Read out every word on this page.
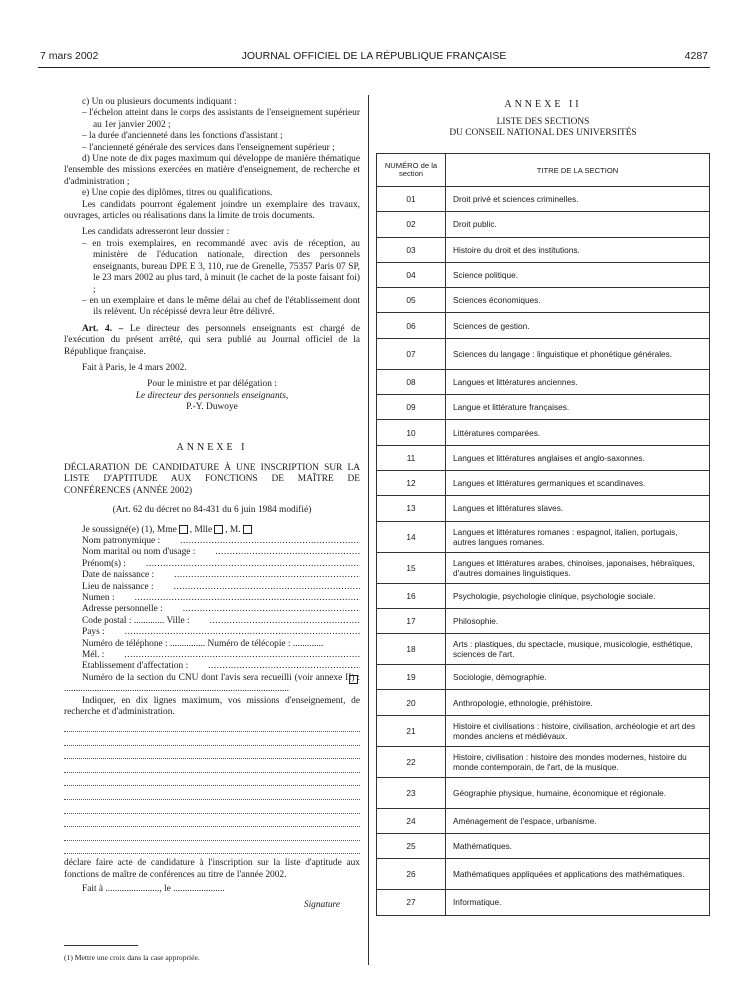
7 mars 2002	JOURNAL OFFICIEL DE LA RÉPUBLIQUE FRANÇAISE	4287

c) Un ou plusieurs documents indiquant :

– l'échelon atteint dans le corps des assistants de l'enseignement supérieur au 1er janvier 2002 ;

– la durée d'ancienneté dans les fonctions d'assistant ;

– l'ancienneté générale des services dans l'enseignement supérieur ;

d) Une note de dix pages maximum qui développe de manière thématique l'ensemble des missions exercées en matière d'enseignement, de recherche et d'administration ;

e) Une copie des diplômes, titres ou qualifications.

Les candidats pourront également joindre un exemplaire des travaux, ouvrages, articles ou réalisations dans la limite de trois documents.

Les candidats adresseront leur dossier :

– en trois exemplaires, en recommandé avec avis de réception, au ministère de l'éducation nationale, direction des personnels enseignants, bureau DPE E 3, 110, rue de Grenelle, 75357 Paris 07 SP, le 23 mars 2002 au plus tard, à minuit (le cachet de la poste faisant foi) ;

– en un exemplaire et dans le même délai au chef de l'établissement dont ils relèvent. Un récépissé devra leur être délivré.

Art. 4. – Le directeur des personnels enseignants est chargé de l'exécution du présent arrêté, qui sera publié au Journal officiel de la République française.

Fait à Paris, le 4 mars 2002.

Pour le ministre et par délégation :

Le directeur des personnels enseignants,

P.-Y. Duwoye

ANNEXE I

DÉCLARATION DE CANDIDATURE À UNE INSCRIPTION SUR LA LISTE D'APTITUDE AUX FONCTIONS DE MAÎTRE DE CONFÉRENCES (ANNÉE 2002)

(Art. 62 du décret no 84-431 du 6 juin 1984 modifié)

Je soussigné(e) (1), Mme , Mlle , M.

Nom patronymique :
.....
Nom marital ou nom d'usage :
.....
Prénom(s) :
.....
Date de naissance :
.....
Lieu de naissance :
.....
Numen :
.....
Adresse personnelle :
.....
Code postal : ............. Ville :
.....
Pays :
.....
Numéro de téléphone : ............... Numéro de télécopie : .............
Mél. :
.....
Etablissement d'affectation :
.....

Numéro de la section du CNU dont l'avis sera recueilli (voir annexe II) : ................................................................................................

Indiquer, en dix lignes maximum, vos missions d'enseignement, de recherche et d'administration.

déclare faire acte de candidature à l'inscription sur la liste d'aptitude aux fonctions de maître de conférences au titre de l'année 2002.

Fait à ......................., le ......................

Signature

(1) Mettre une croix dans la case appropriée.
ANNEXE II
LISTE DES SECTIONS
DU CONSEIL NATIONAL DES UNIVERSITÉS
NUMÉRO de la section	TITRE DE LA SECTION
01	Droit privé et sciences criminelles.
02	Droit public.
03	Histoire du droit et des institutions.
04	Science politique.
05	Sciences économiques.
06	Sciences de gestion.
07	Sciences du langage : linguistique et phonétique générales.
08	Langues et littératures anciennes.
09	Langue et littérature françaises.
10	Littératures comparées.
11	Langues et littératures anglaises et anglo-saxonnes.
12	Langues et littératures germaniques et scandinaves.
13	Langues et littératures slaves.
14	Langues et littératures romanes : espagnol, italien, portugais, autres langues romanes.
15	Langues et littératures arabes, chinoises, japonaises, hébraïques, d'autres domaines linguistiques.
16	Psychologie, psychologie clinique, psychologie sociale.
17	Philosophie.
18	Arts : plastiques, du spectacle, musique, musicologie, esthétique, sciences de l'art.
19	Sociologie, démographie.
20	Anthropologie, ethnologie, préhistoire.
21	Histoire et civilisations : histoire, civilisation, archéologie et art des mondes anciens et médiévaux.
22	Histoire, civilisation : histoire des mondes modernes, histoire du monde contemporain, de l'art, de la musique.
23	Géographie physique, humaine, économique et régionale.
24	Aménagement de l'espace, urbanisme.
25	Mathématiques.
26	Mathématiques appliquées et applications des mathématiques.
27	Informatique.
